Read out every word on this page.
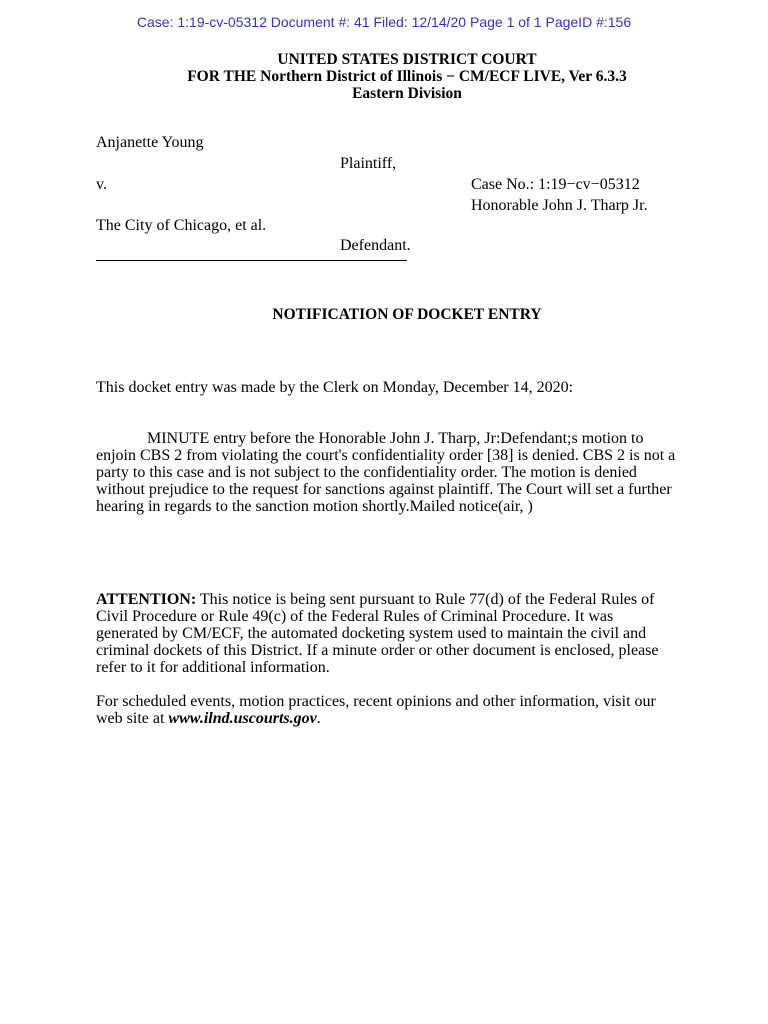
Case: 1:19-cv-05312 Document #: 41 Filed: 12/14/20 Page 1 of 1 PageID #:156
UNITED STATES DISTRICT COURT
FOR THE Northern District of Illinois − CM/ECF LIVE, Ver 6.3.3
Eastern Division
Anjanette Young
Plaintiff,
v.	Case No.: 1:19−cv−05312
Honorable John J. Tharp Jr.
The City of Chicago, et al.
Defendant.
NOTIFICATION OF DOCKET ENTRY
This docket entry was made by the Clerk on Monday, December 14, 2020:
MINUTE entry before the Honorable John J. Tharp, Jr:Defendant;s motion to
enjoin CBS 2 from violating the court's confidentiality order [38] is denied. CBS 2 is not a
party to this case and is not subject to the confidentiality order. The motion is denied
without prejudice to the request for sanctions against plaintiff. The Court will set a further
hearing in regards to the sanction motion shortly.Mailed notice(air, )
ATTENTION: This notice is being sent pursuant to Rule 77(d) of the Federal Rules of
Civil Procedure or Rule 49(c) of the Federal Rules of Criminal Procedure. It was
generated by CM/ECF, the automated docketing system used to maintain the civil and
criminal dockets of this District. If a minute order or other document is enclosed, please
refer to it for additional information.
For scheduled events, motion practices, recent opinions and other information, visit our
web site at www.ilnd.uscourts.gov.
